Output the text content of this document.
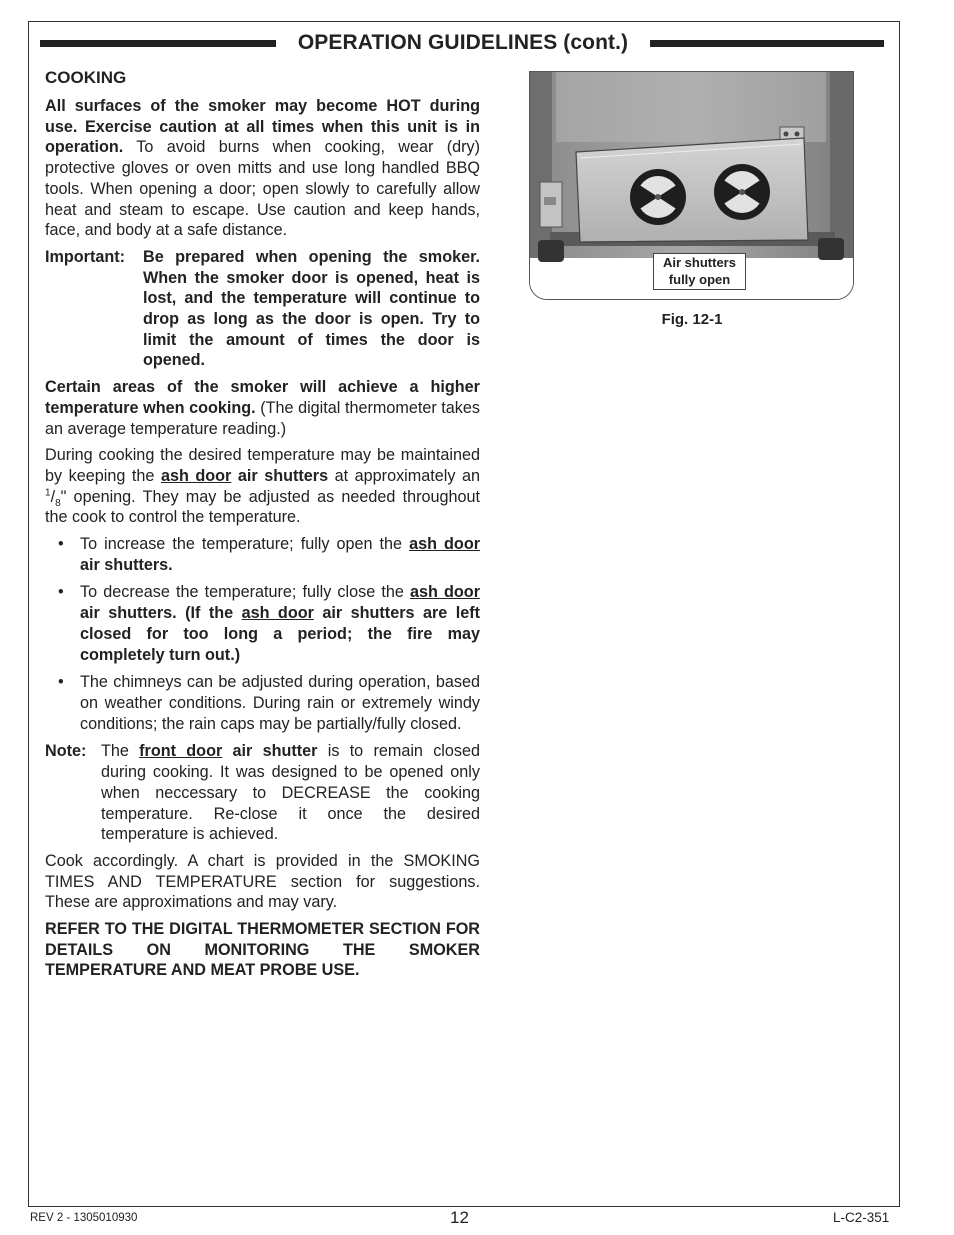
OPERATION GUIDELINES (cont.)
COOKING

All surfaces of the smoker may become HOT during use. Exercise caution at all times when this unit is in operation. To avoid burns when cooking, wear (dry) protective gloves or oven mitts and use long handled BBQ tools. When opening a door; open slowly to carefully allow heat and steam to escape. Use caution and keep hands, face, and body at a safe distance.

Important:	Be prepared when opening the smoker. When the smoker door is opened, heat is lost, and the temperature will continue to drop as long as the door is open. Try to limit the amount of times the door is opened.

Certain areas of the smoker will achieve a higher temperature when cooking. (The digital thermometer takes an average temperature reading.)

During cooking the desired temperature may be maintained by keeping the ash door air shutters at approximately an $^1/_8$" opening. They may be adjusted as needed throughout the cook to control the temperature.

• To increase the temperature; fully open the ash door air shutters.
• To decrease the temperature; fully close the ash door air shutters. (If the ash door air shutters are left closed for too long a period; the fire may completely turn out.)
• The chimneys can be adjusted during operation, based on weather conditions. During rain or extremely windy conditions; the rain caps may be partially/fully closed.
Note: The front door air shutter is to remain closed during cooking. It was designed to be opened only when neccessary to DECREASE the cooking temperature. Re-close it once the desired temperature is achieved.

Cook accordingly. A chart is provided in the SMOKING TIMES AND TEMPERATURE section for suggestions. These are approximations and may vary.

REFER TO THE DIGITAL THERMOMETER SECTION FOR DETAILS ON MONITORING THE SMOKER TEMPERATURE AND MEAT PROBE USE.

Air shutters
fully open
Fig. 12-1
REV 2 - 1305010930	12	L-C2-351
